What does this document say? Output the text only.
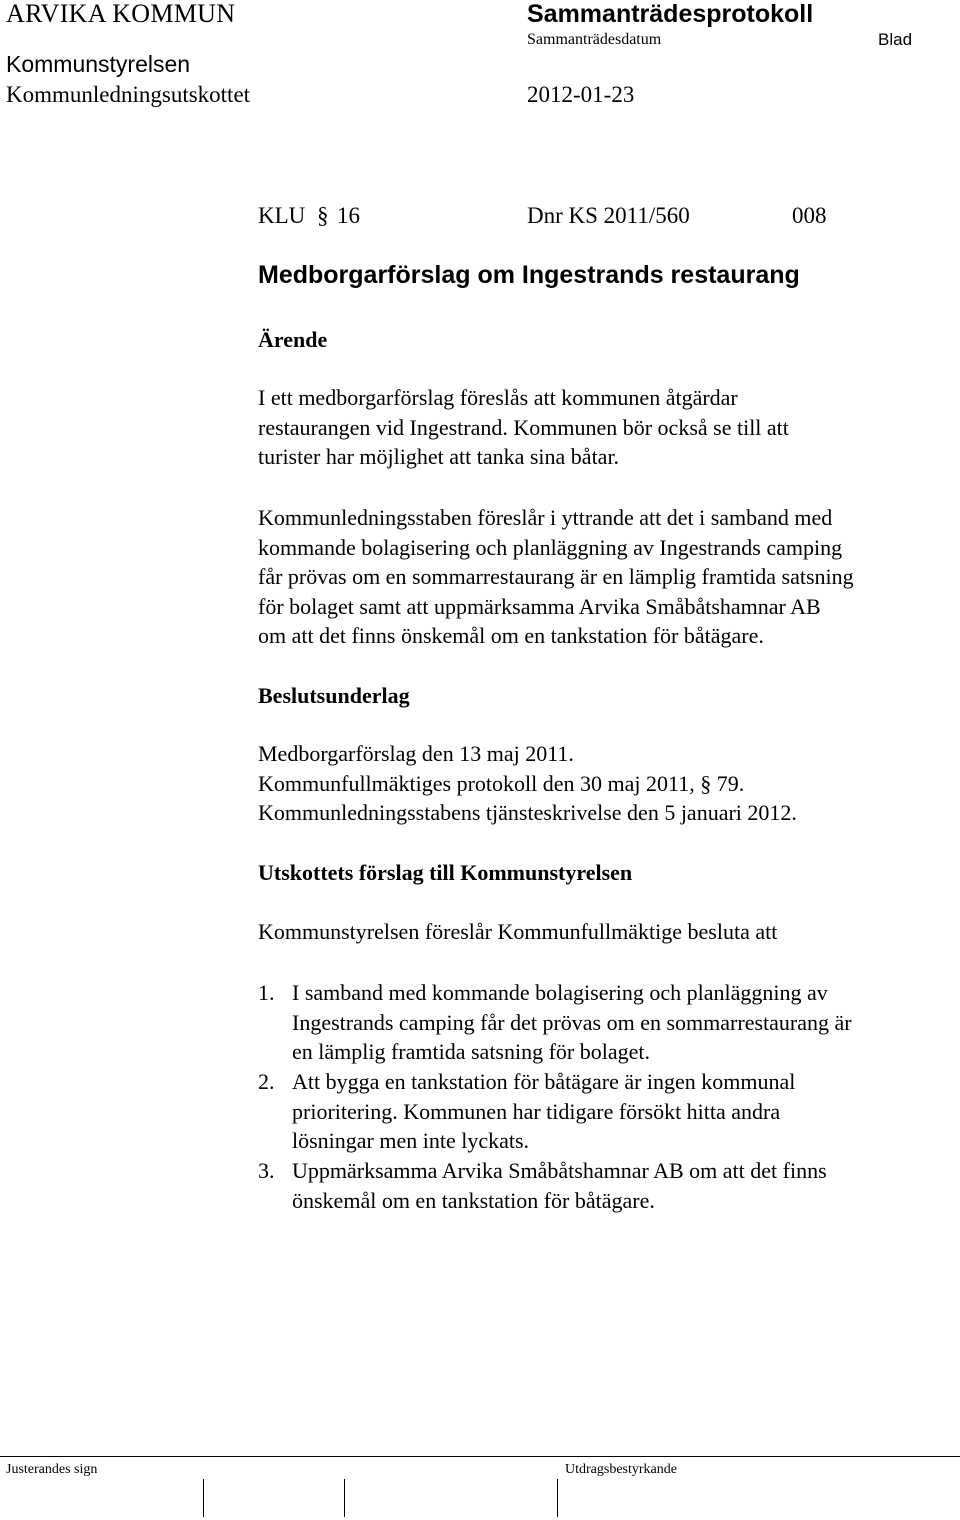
ARVIKA KOMMUN	Sammanträdesprotokoll
Sammanträdesdatum	Blad
Kommunstyrelsen
Kommunledningsutskottet	2012-01-23
KLU § 16	Dnr KS 2011/560	008
Medborgarförslag om Ingestrands restaurang
Ärende
I ett medborgarförslag föreslås att kommunen åtgärdar
restaurangen vid Ingestrand. Kommunen bör också se till att
turister har möjlighet att tanka sina båtar.
Kommunledningsstaben föreslår i yttrande att det i samband med
kommande bolagisering och planläggning av Ingestrands camping
får prövas om en sommarrestaurang är en lämplig framtida satsning
för bolaget samt att uppmärksamma Arvika Småbåtshamnar AB
om att det finns önskemål om en tankstation för båtägare.
Beslutsunderlag
Medborgarförslag den 13 maj 2011.
Kommunfullmäktiges protokoll den 30 maj 2011, § 79.
Kommunledningsstabens tjänsteskrivelse den 5 januari 2012.
Utskottets förslag till Kommunstyrelsen
Kommunstyrelsen föreslår Kommunfullmäktige besluta att
1. I samband med kommande bolagisering och planläggning av
Ingestrands camping får det prövas om en sommarrestaurang är
en lämplig framtida satsning för bolaget.
2. Att bygga en tankstation för båtägare är ingen kommunal
prioritering. Kommunen har tidigare försökt hitta andra
lösningar men inte lyckats.
3. Uppmärksamma Arvika Småbåtshamnar AB om att det finns
önskemål om en tankstation för båtägare.
Justerandes sign	Utdragsbestyrkande
